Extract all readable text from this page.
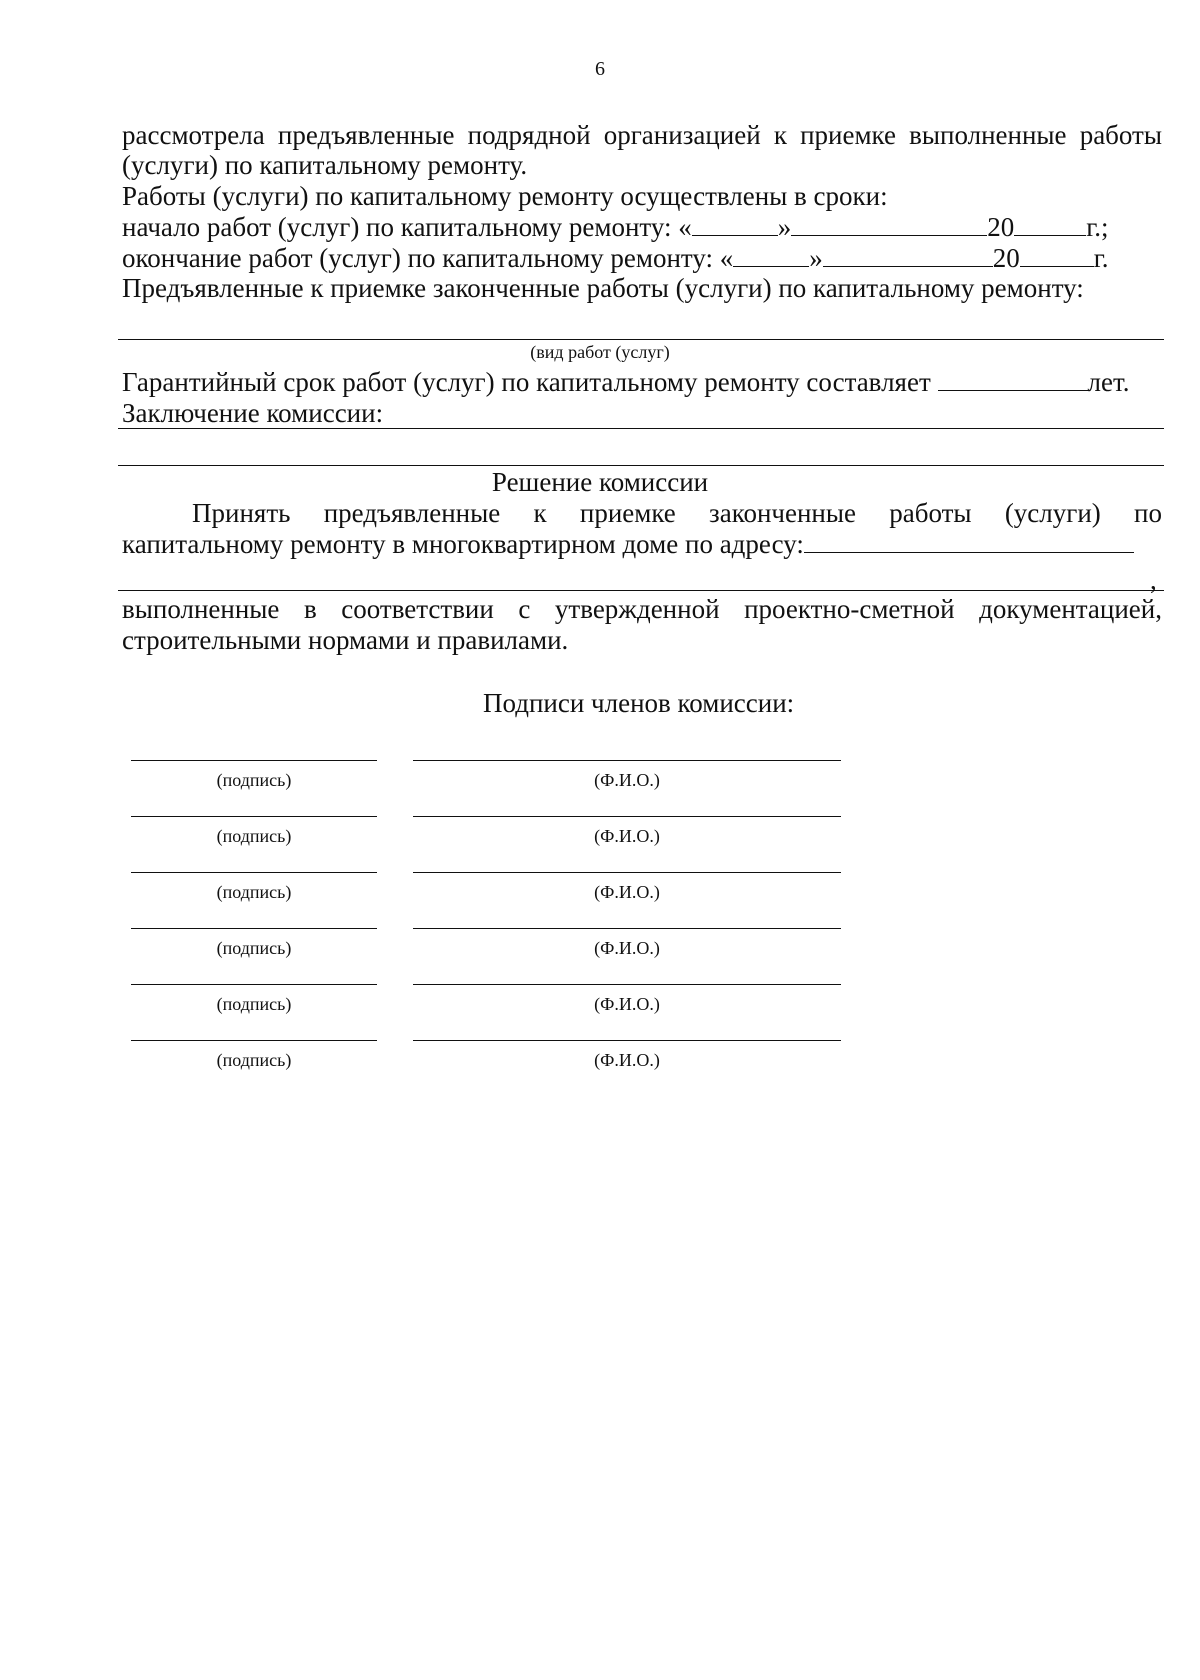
6
рассмотрела предъявленные подрядной организацией к приемке выполненные работы
(услуги) по капитальному ремонту.
Работы (услуги) по капитальному ремонту осуществлены в сроки:
начало работ (услуг) по капитальному ремонту: «	»	20	г.;
окончание работ (услуг) по капитальному ремонту: «	»	20	г.
Предъявленные к приемке законченные работы (услуги) по капитальному ремонту:
(вид работ (услуг)
Гарантийный срок работ (услуг) по капитальному ремонту составляет	лет.
Заключение комиссии:
Решение комиссии
Принять предъявленные к приемке законченные работы (услуги) по
капитальному ремонту в многоквартирном доме по адресу:
,
выполненные в соответствии с утвержденной проектно-сметной документацией,
строительными нормами и правилами.
Подписи членов комиссии:
(подпись)	(Ф.И.О.)
(подпись)	(Ф.И.О.)
(подпись)	(Ф.И.О.)
(подпись)	(Ф.И.О.)
(подпись)	(Ф.И.О.)
(подпись)	(Ф.И.О.)
